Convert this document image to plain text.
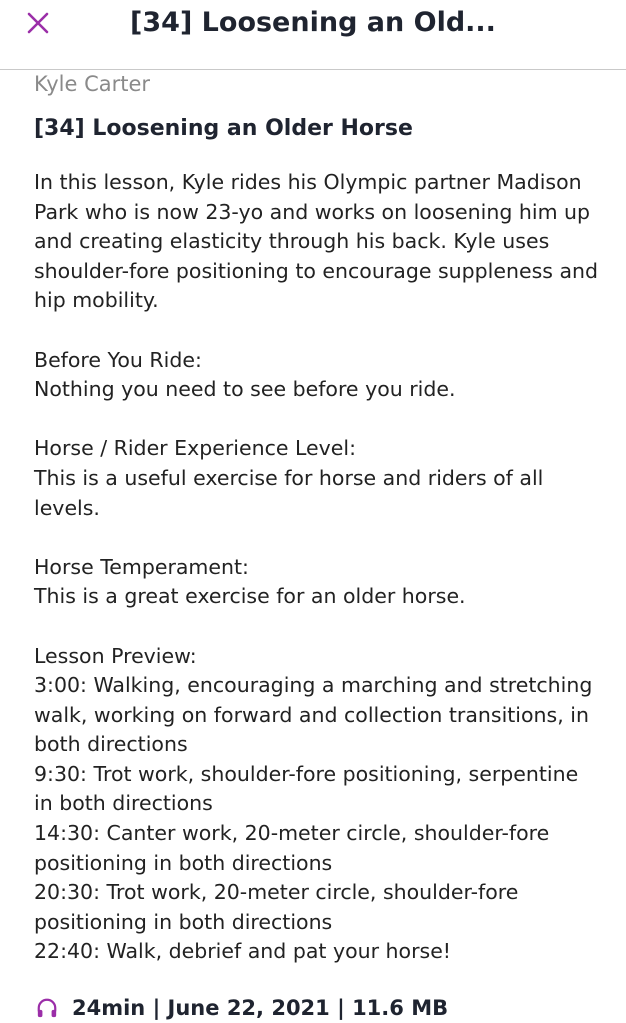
[34] Loosening an Old...
Kyle Carter
[34] Loosening an Older Horse

In this lesson, Kyle rides his Olympic partner Madison Park who is now 23-yo and works on loosening him up and creating elasticity through his back. Kyle uses shoulder-fore positioning to encourage suppleness and hip mobility.

Before You Ride:

Nothing you need to see before you ride.

Horse / Rider Experience Level:

This is a useful exercise for horse and riders of all levels.

Horse Temperament:

This is a great exercise for an older horse.

Lesson Preview:

3:00: Walking, encouraging a marching and stretching walk, working on forward and collection transitions, in both directions

9:30: Trot work, shoulder-fore positioning, serpentine in both directions

14:30: Canter work, 20-meter circle, shoulder-fore positioning in both directions

20:30: Trot work, 20-meter circle, shoulder-fore positioning in both directions

22:40: Walk, debrief and pat your horse!

24min | June 22, 2021 | 11.6 MB
